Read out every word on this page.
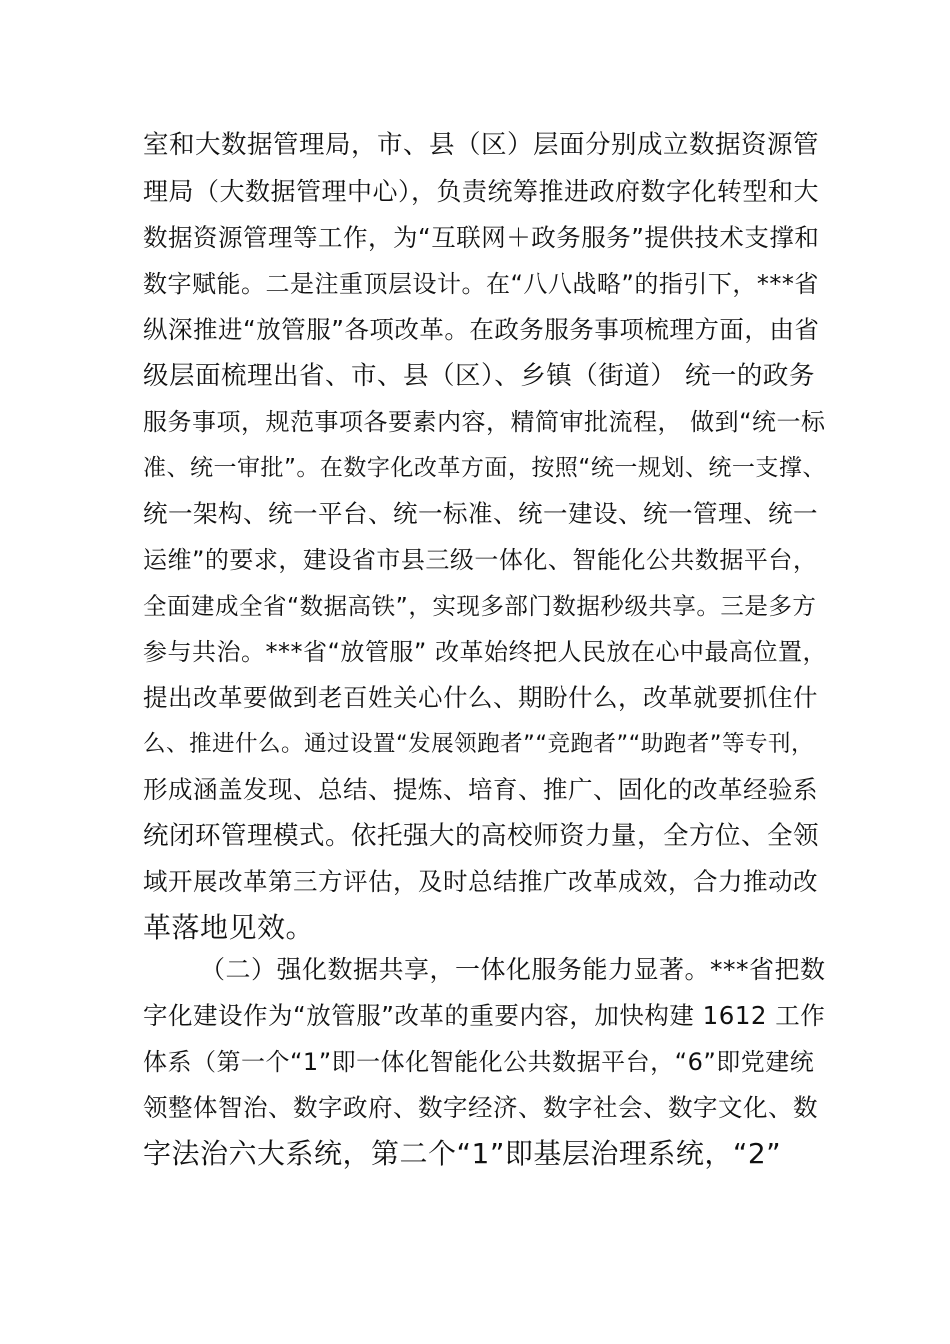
室和大数据管理局，市、县（区）层面分别成立数据资源管
理局（大数据管理中心），负责统筹推进政府数字化转型和大
数据资源管理等工作，为“互联网＋政务服务”提供技术支撑和
数字赋能。二是注重顶层设计。在“八八战略”的指引下，***省
纵深推进“放管服”各项改革。在政务服务事项梳理方面，由省
级层面梳理出省、市、县（区）、乡镇（街道） 统一的政务
服务事项，规范事项各要素内容，精简审批流程， 做到“统一标
准、统一审批”。在数字化改革方面，按照“统一规划、统一支撑、
统一架构、统一平台、统一标准、统一建设、统一管理、统一
运维”的要求，建设省市县三级一体化、智能化公共数据平台，
全面建成全省“数据高铁”，实现多部门数据秒级共享。三是多方
参与共治。***省“放管服” 改革始终把人民放在心中最高位置，
提出改革要做到老百姓关心什么、期盼什么，改革就要抓住什
么、推进什么。通过设置“发展领跑者”“竞跑者”“助跑者”等专刊，
形成涵盖发现、总结、提炼、培育、推广、固化的改革经验系
统闭环管理模式。依托强大的高校师资力量，全方位、全领
域开展改革第三方评估，及时总结推广改革成效，合力推动改
革落地见效。
（二）强化数据共享，一体化服务能力显著。***省把数
字化建设作为“放管服”改革的重要内容，加快构建 1612 工作
体系（第一个“1”即一体化智能化公共数据平台，“6”即党建统
领整体智治、数字政府、数字经济、数字社会、数字文化、数
字法治六大系统，第二个“1”即基层治理系统，“2”
